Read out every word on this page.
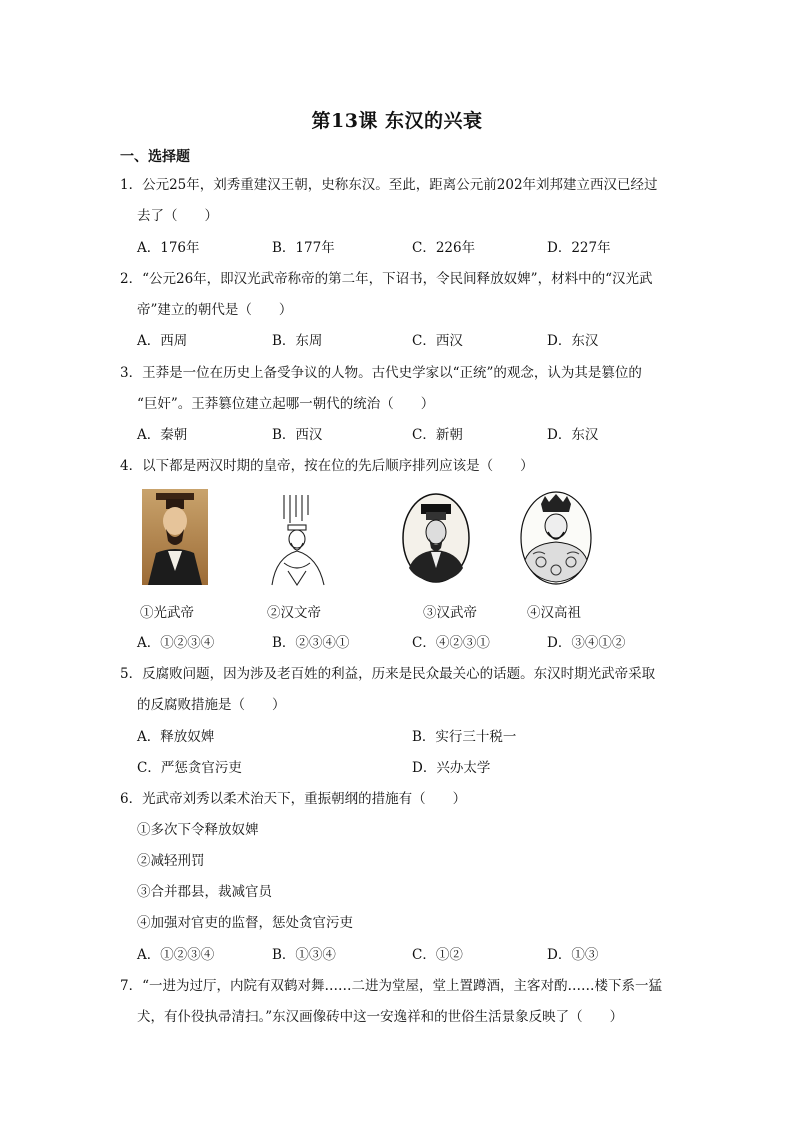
第13课 东汉的兴衰
一、选择题
1．公元25年，刘秀重建汉王朝，史称东汉。至此，距离公元前202年刘邦建立西汉已经过
去了（　　）
A．176年	B．177年	C．226年	D．227年
2．“公元26年，即汉光武帝称帝的第二年，下诏书，令民间释放奴婢”，材料中的“汉光武
帝”建立的朝代是（　　）
A．西周	B．东周	C．西汉	D．东汉
3．王莽是一位在历史上备受争议的人物。古代史学家以“正统”的观念，认为其是篡位的
“巨奸”。王莽篡位建立起哪一朝代的统治（　　）
A．秦朝	B．西汉	C．新朝	D．东汉
4．以下都是两汉时期的皇帝，按在位的先后顺序排列应该是（　　）
①光武帝	②汉文帝	③汉武帝	④汉高祖
A．①②③④	B．②③④①	C．④②③①	D．③④①②
5．反腐败问题，因为涉及老百姓的利益，历来是民众最关心的话题。东汉时期光武帝采取
的反腐败措施是（　　）
A．释放奴婢	B．实行三十税一
C．严惩贪官污吏	D．兴办太学
6．光武帝刘秀以柔术治天下，重振朝纲的措施有（　　）
①多次下令释放奴婢
②减轻刑罚
③合并郡县，裁减官员
④加强对官吏的监督，惩处贪官污吏
A．①②③④	B．①③④	C．①②	D．①③
7．“一进为过厅，内院有双鹤对舞……二进为堂屋，堂上置蹲酒，主客对酌……楼下系一猛
犬，有仆役执帚清扫。”东汉画像砖中这一安逸祥和的世俗生活景象反映了（　　）
